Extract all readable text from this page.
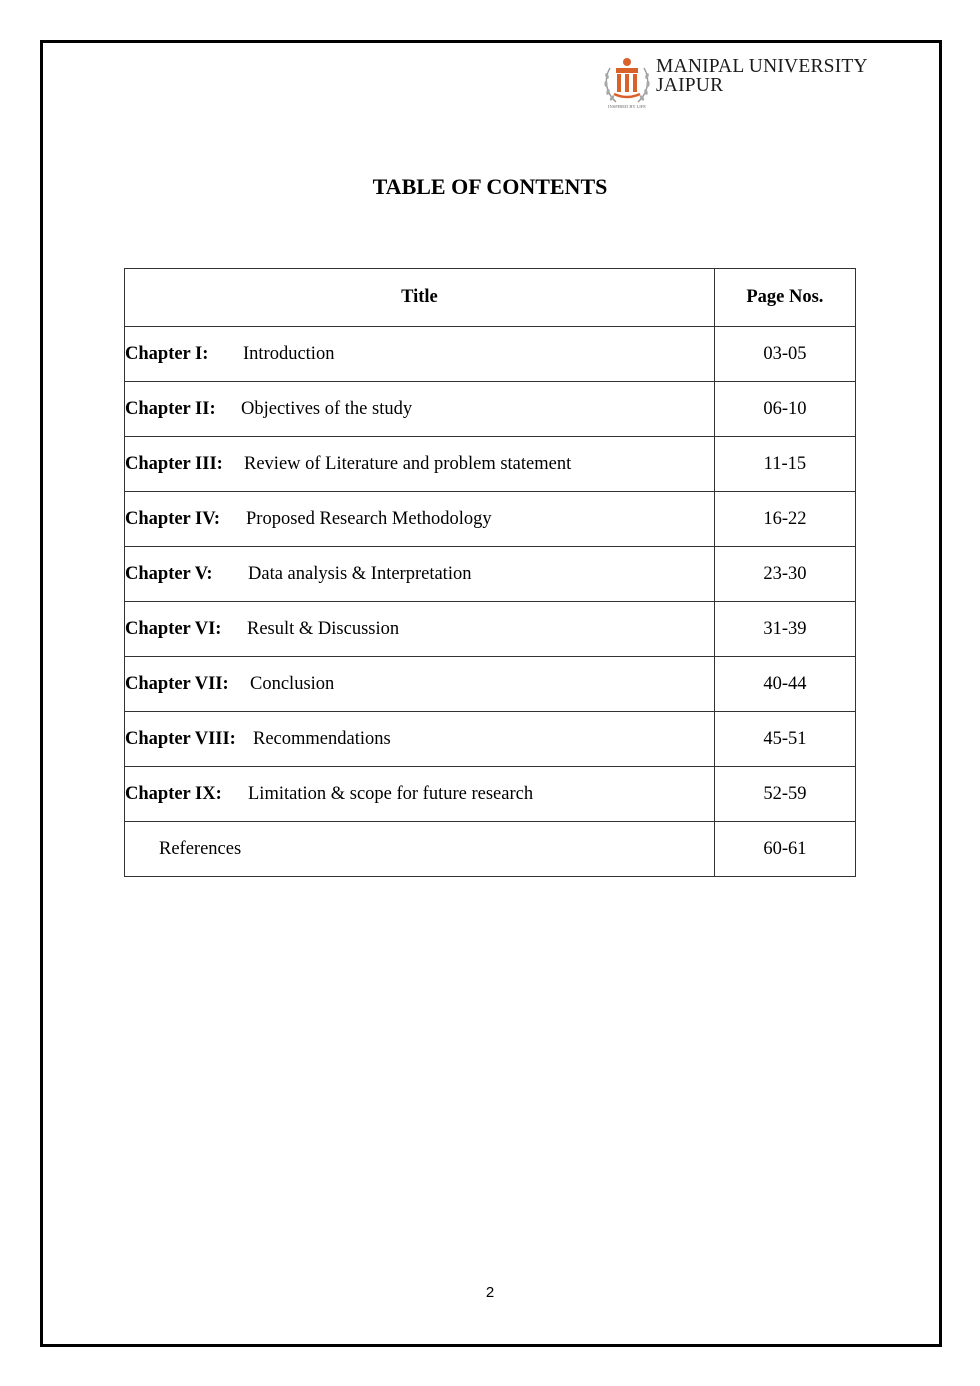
INSPIRED BY LIFE
MANIPAL UNIVERSITY
JAIPUR
TABLE OF CONTENTS
Title	Page Nos.
Chapter I: Introduction	03-05
Chapter II: Objectives of the study	06-10
Chapter III: Review of Literature and problem statement	11-15
Chapter IV: Proposed Research Methodology	16-22
Chapter V: Data analysis & Interpretation	23-30
Chapter VI: Result & Discussion	31-39
Chapter VII: Conclusion	40-44
Chapter VIII: Recommendations	45-51
Chapter IX: Limitation & scope for future research	52-59
References	60-61
2
